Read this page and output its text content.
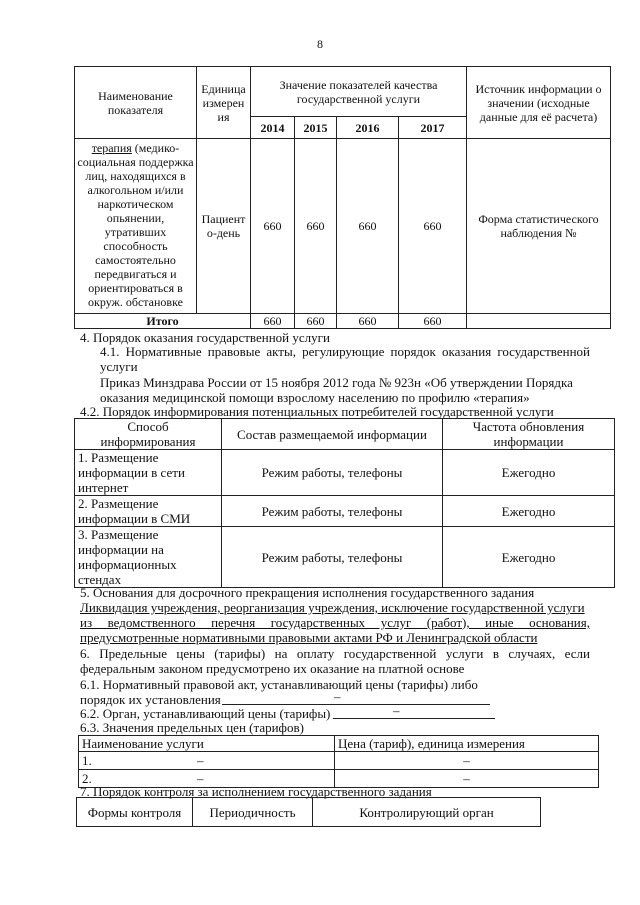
8
Наименование показателя	Единица измерения	Значение показателей качества государственной услуги				Источник информации о значении (исходные данные для её расчета)
		2014	2015	2016	2017	
терапия (медико-социальная поддержка лиц, находящихся в алкогольном и/или наркотическом опьянении, утративших способность самостоятельно передвигаться и ориентироваться в окруж. обстановке	Пациенто-день	660	660	660	660	Форма статистического наблюдения №
Итого		660	660	660	660	
4. Порядок оказания государственной услуги
4.1. Нормативные правовые акты, регулирующие порядок оказания государственной услуги
Приказ Минздрава России от 15 ноября 2012 года № 923н «Об утверждении Порядка оказания медицинской помощи взрослому населению по профилю «терапия»
4.2. Порядок информирования потенциальных потребителей государственной услуги
Способ информирования	Состав размещаемой информации	Частота обновления информации
1. Размещение информации в сети интернет	Режим работы, телефоны	Ежегодно
2. Размещение информации в СМИ	Режим работы, телефоны	Ежегодно
3. Размещение информации на информационных стендах	Режим работы, телефоны	Ежегодно
5. Основания для досрочного прекращения исполнения государственного задания
Ликвидация учреждения, реорганизация учреждения, исключение государственной услуги
из ведомственного перечня государственных услуг (работ), иные основания,
предусмотренные нормативными правовыми актами РФ и Ленинградской области
6. Предельные цены (тарифы) на оплату государственной услуги в случаях, если
федеральным законом предусмотрено их оказание на платной основе
6.1. Нормативный правовой акт, устанавливающий цены (тарифы) либо
порядок их установления	–
6.2. Орган, устанавливающий цены (тарифы)	–
6.3. Значения предельных цен (тарифов)
Наименование услуги	Цена (тариф), единица измерения
1. –	–
2. –	–
7. Порядок контроля за исполнением государственного задания
Формы контроля	Периодичность	Контролирующий орган
